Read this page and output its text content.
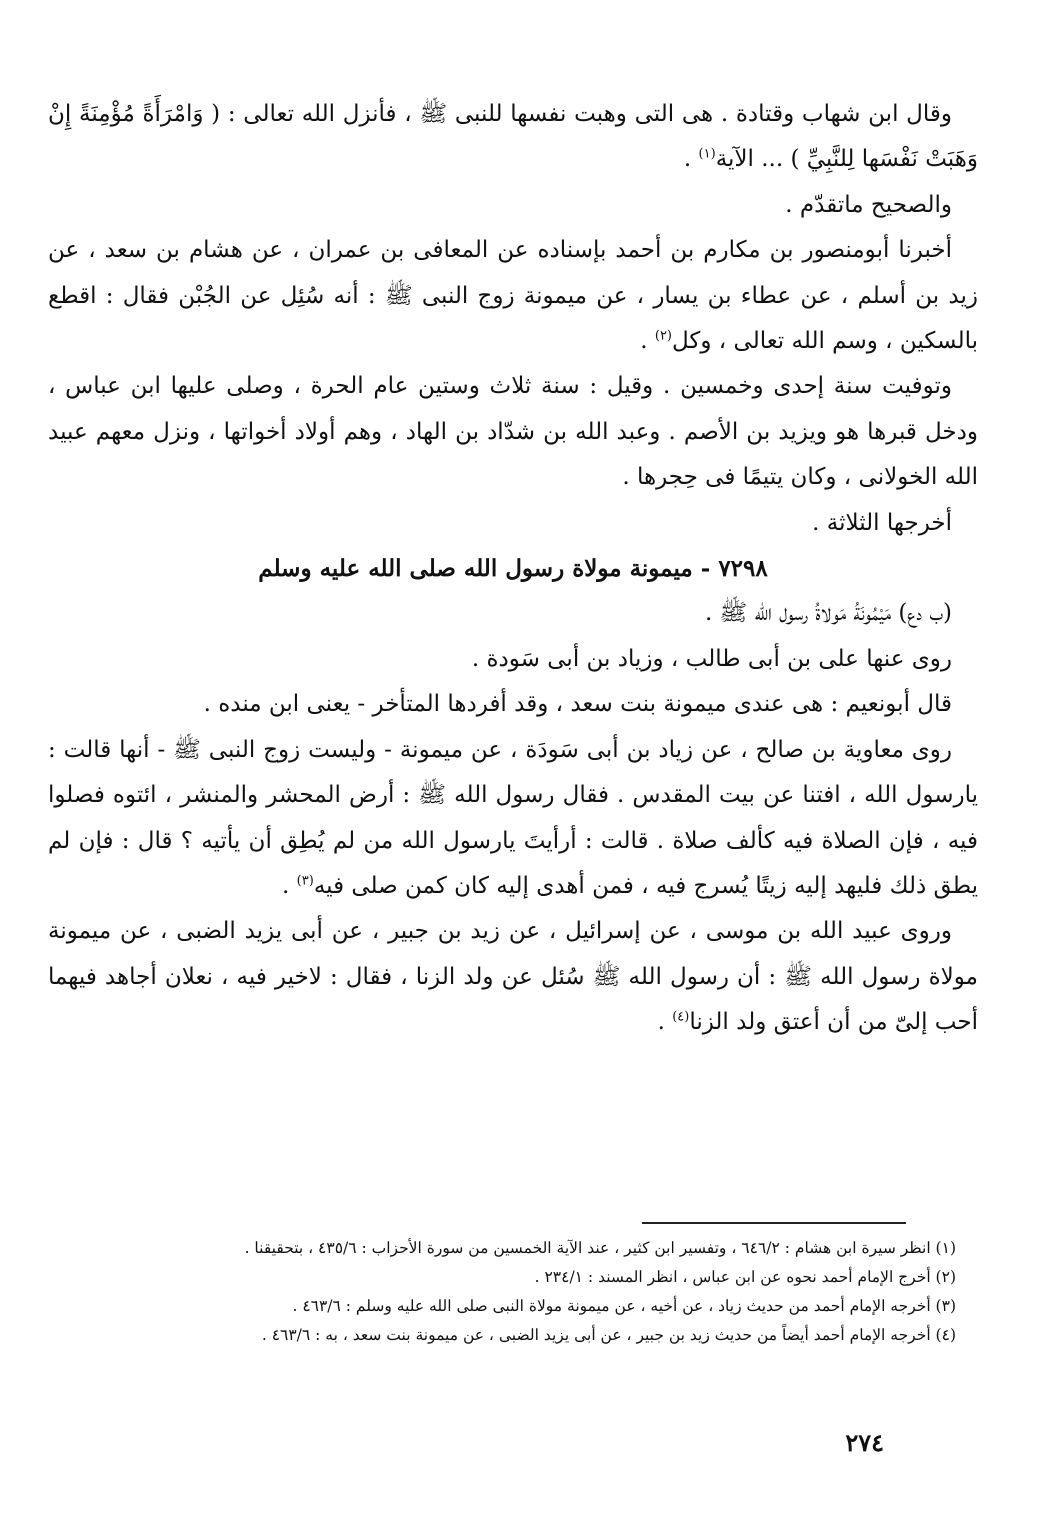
وقال ابن شهاب وقتادة . هى التى وهبت نفسها للنبى ﷺ ، فأنزل الله تعالى : ( وَامْرَأَةً مُؤْمِنَةً إِنْ وَهَبَتْ نَفْسَها لِلنَّبِيِّ ) ... الآية$^{(١)}$ .

والصحيح ماتقدّم .

أخبرنا أبومنصور بن مكارم بن أحمد بإسناده عن المعافى بن عمران ، عن هشام بن سعد ، عن زيد بن أسلم ، عن عطاء بن يسار ، عن ميمونة زوج النبى ﷺ : أنه سُئِل عن الجُبْن فقال : اقطع بالسكين ، وسم الله تعالى ، وكل$^{(٢)}$ .

وتوفيت سنة إحدى وخمسين . وقيل : سنة ثلاث وستين عام الحرة ، وصلى عليها ابن عباس ، ودخل قبرها هو ويزيد بن الأصم . وعبد الله بن شدّاد بن الهاد ، وهم أولاد أخواتها ، ونزل معهم عبيد الله الخولانى ، وكان يتيمًا فى حِجرها .

أخرجها الثلاثة .

٧٢٩٨ - ميمونة مولاة رسول الله صلى الله عليه وسلم

(ب دع) مَيْمُونَةُ مَولاةُ رسول الله ﷺ .

روى عنها على بن أبى طالب ، وزياد بن أبى سَودة .

قال أبونعيم : هى عندى ميمونة بنت سعد ، وقد أفردها المتأخر - يعنى ابن منده .

روى معاوية بن صالح ، عن زياد بن أبى سَودَة ، عن ميمونة - وليست زوج النبى ﷺ - أنها قالت : يارسول الله ، افتنا عن بيت المقدس . فقال رسول الله ﷺ : أرض المحشر والمنشر ، ائتوه فصلوا فيه ، فإن الصلاة فيه كألف صلاة . قالت : أرأيتَ يارسول الله من لم يُطِق أن يأتيه ؟ قال : فإن لم يطق ذلك فليهد إليه زيتًا يُسرج فيه ، فمن أهدى إليه كان كمن صلى فيه$^{(٣)}$ .

وروى عبيد الله بن موسى ، عن إسرائيل ، عن زيد بن جبير ، عن أبى يزيد الضبى ، عن ميمونة مولاة رسول الله ﷺ : أن رسول الله ﷺ سُئل عن ولد الزنا ، فقال : لاخير فيه ، نعلان أجاهد فيهما أحب إلىّ من أن أعتق ولد الزنا$^{(٤)}$ .

(١) انظر سيرة ابن هشام : ٦٤٦/٢ ، وتفسير ابن كثير ، عند الآية الخمسين من سورة الأحزاب : ٤٣٥/٦ ، بتحقيقنا .

(٢) أخرج الإمام أحمد نحوه عن ابن عباس ، انظر المسند : ٢٣٤/١ .

(٣) أخرجه الإمام أحمد من حديث زياد ، عن أخيه ، عن ميمونة مولاة النبى صلى الله عليه وسلم : ٤٦٣/٦ .

(٤) أخرجه الإمام أحمد أيضاً من حديث زيد بن جبير ، عن أبى يزيد الضبى ، عن ميمونة بنت سعد ، به : ٤٦٣/٦ .

٢٧٤
